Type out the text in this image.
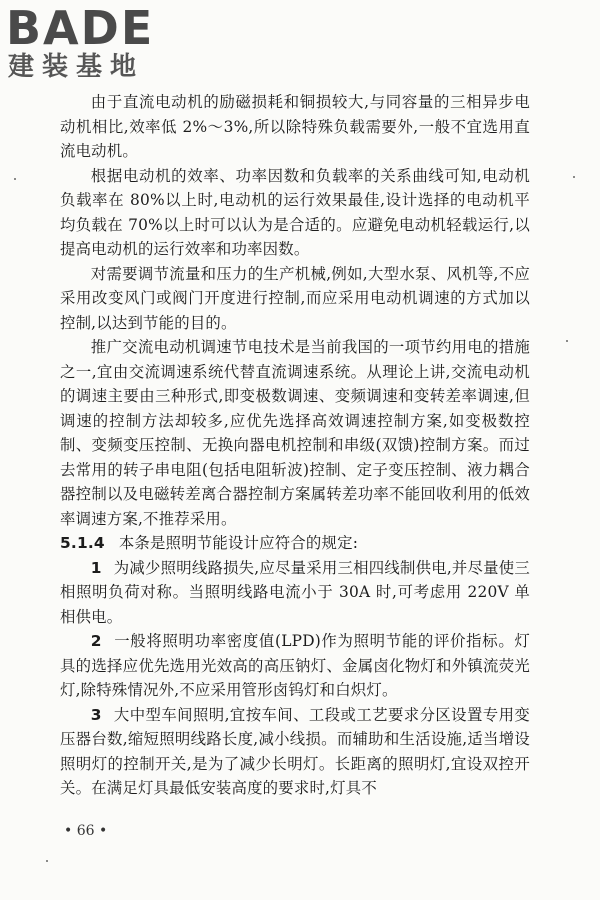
BADE
建装基地

由于直流电动机的励磁损耗和铜损较大,与同容量的三相异步电动机相比,效率低 2%～3%,所以除特殊负载需要外,一般不宜选用直流电动机。

根据电动机的效率、功率因数和负载率的关系曲线可知,电动机负载率在 80%以上时,电动机的运行效果最佳,设计选择的电动机平均负载在 70%以上时可以认为是合适的。应避免电动机轻载运行,以提高电动机的运行效率和功率因数。

对需要调节流量和压力的生产机械,例如,大型水泵、风机等,不应采用改变风门或阀门开度进行控制,而应采用电动机调速的方式加以控制,以达到节能的目的。

推广交流电动机调速节电技术是当前我国的一项节约用电的措施之一,宜由交流调速系统代替直流调速系统。从理论上讲,交流电动机的调速主要由三种形式,即变极数调速、变频调速和变转差率调速,但调速的控制方法却较多,应优先选择高效调速控制方案,如变极数控制、变频变压控制、无换向器电机控制和串级(双馈)控制方案。而过去常用的转子串电阻(包括电阻斩波)控制、定子变压控制、液力耦合器控制以及电磁转差离合器控制方案属转差功率不能回收利用的低效率调速方案,不推荐采用。

5.1.4 本条是照明节能设计应符合的规定:

1 为减少照明线路损失,应尽量采用三相四线制供电,并尽量使三相照明负荷对称。当照明线路电流小于 30A 时,可考虑用 220V 单相供电。

2 一般将照明功率密度值(LPD)作为照明节能的评价指标。灯具的选择应优先选用光效高的高压钠灯、金属卤化物灯和外镇流荧光灯,除特殊情况外,不应采用管形卤钨灯和白炽灯。

3 大中型车间照明,宜按车间、工段或工艺要求分区设置专用变压器台数,缩短照明线路长度,减小线损。而辅助和生活设施,适当增设照明灯的控制开关,是为了减少长明灯。长距离的照明灯,宜设双控开关。在满足灯具最低安装高度的要求时,灯具不

• 66 •
